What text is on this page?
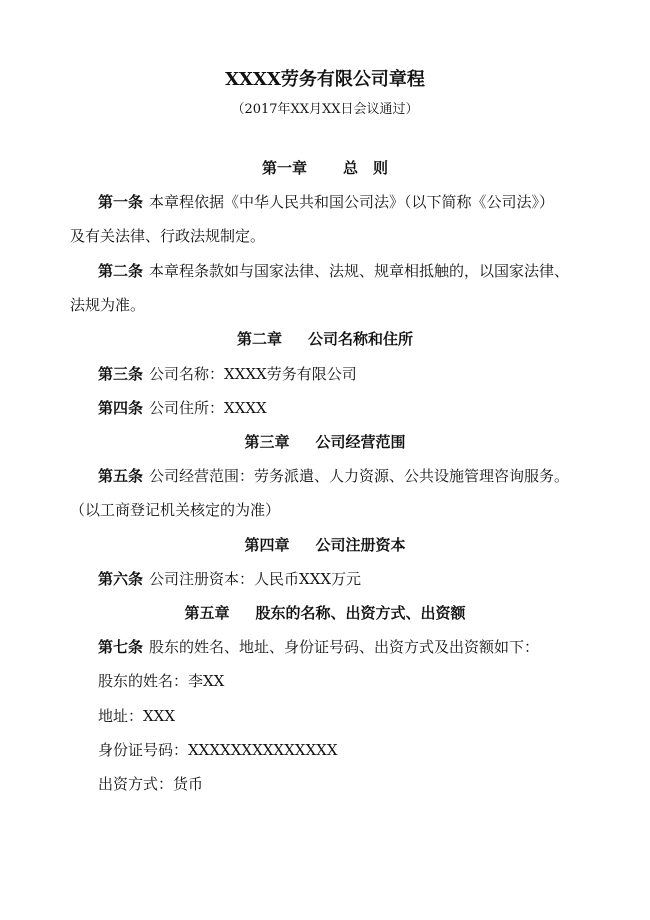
XXXX劳务有限公司章程
（2017年XX月XX日会议通过）
第一章 总　则
第一条 本章程依据《中华人民共和国公司法》（以下简称《公司法》）
及有关法律、行政法规制定。
第二条 本章程条款如与国家法律、法规、规章相抵触的，以国家法律、
法规为准。
第二章 公司名称和住所
第三条 公司名称：XXXX劳务有限公司
第四条 公司住所：XXXX
第三章 公司经营范围
第五条 公司经营范围：劳务派遣、人力资源、公共设施管理咨询服务。
（以工商登记机关核定的为准）
第四章 公司注册资本
第六条 公司注册资本：人民币XXX万元
第五章 股东的名称、出资方式、出资额
第七条 股东的姓名、地址、身份证号码、出资方式及出资额如下：
股东的姓名：李XX
地址：XXX
身份证号码：XXXXXXXXXXXXXX
出资方式：货币
